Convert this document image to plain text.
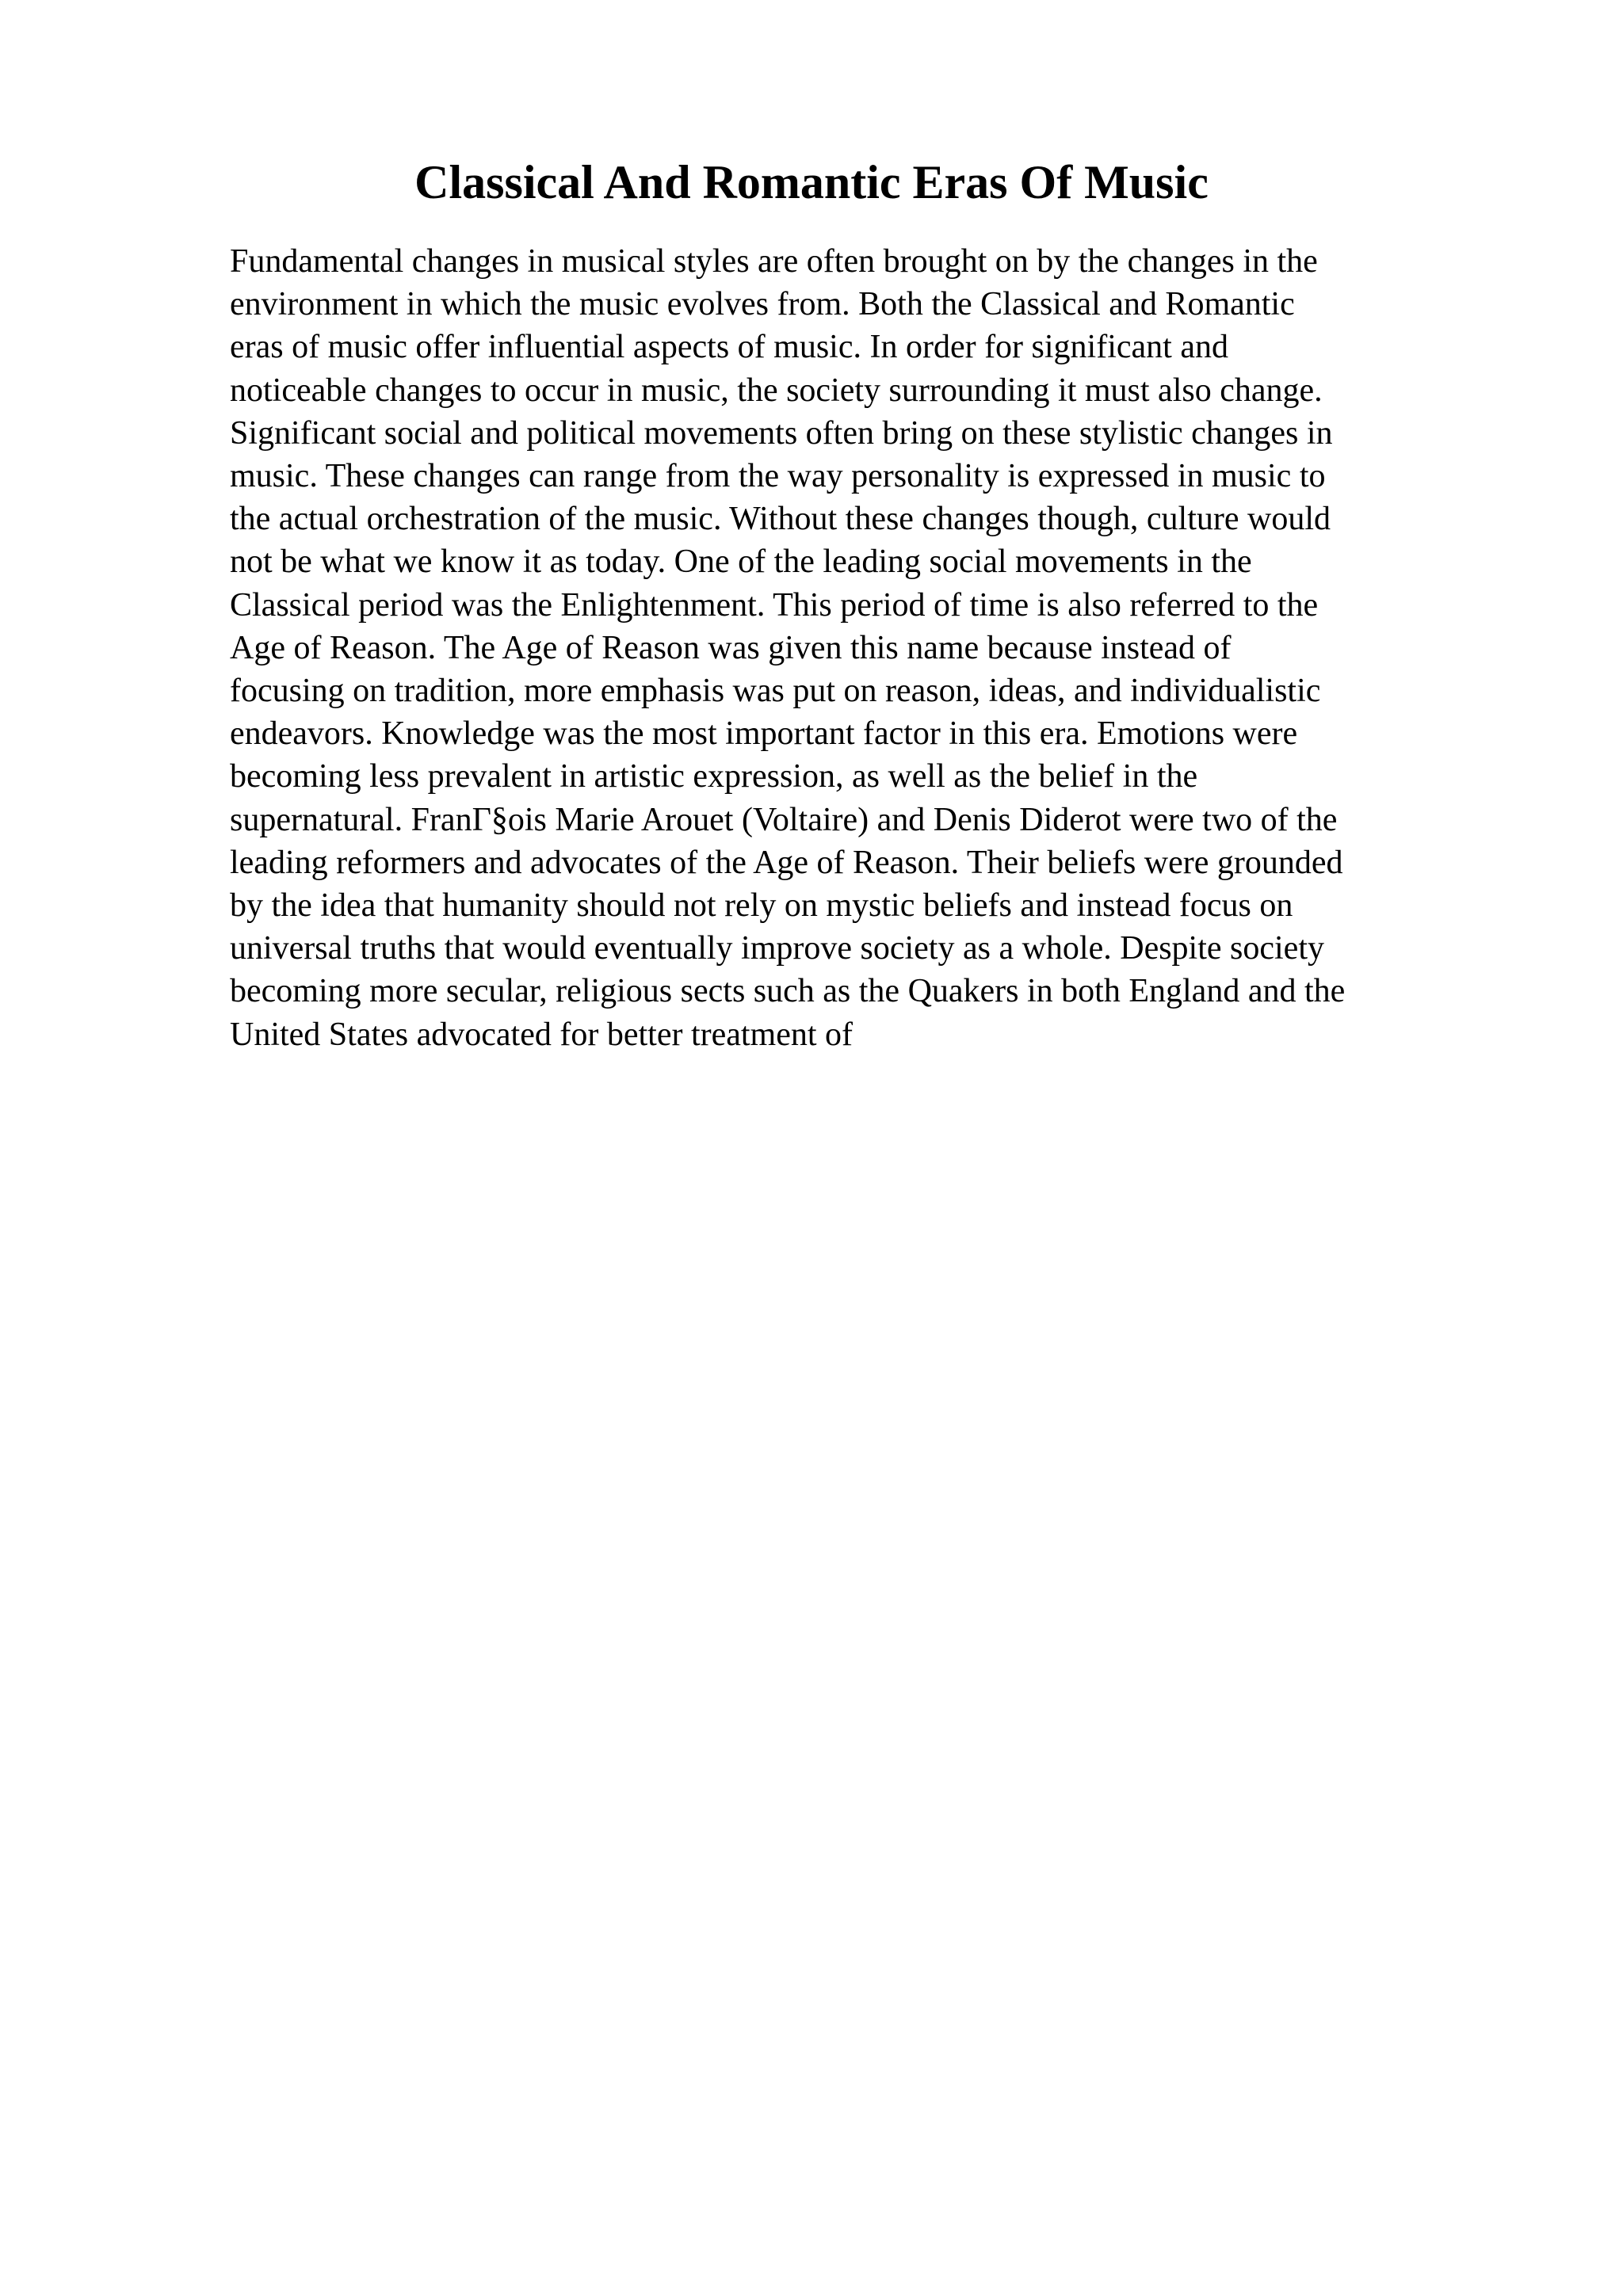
Classical And Romantic Eras Of Music
Fundamental changes in musical styles are often brought on by the changes in the
environment in which the music evolves from. Both the Classical and Romantic
eras of music offer influential aspects of music. In order for significant and
noticeable changes to occur in music, the society surrounding it must also change.
Significant social and political movements often bring on these stylistic changes in
music. These changes can range from the way personality is expressed in music to
the actual orchestration of the music. Without these changes though, culture would
not be what we know it as today. One of the leading social movements in the
Classical period was the Enlightenment. This period of time is also referred to the
Age of Reason. The Age of Reason was given this name because instead of
focusing on tradition, more emphasis was put on reason, ideas, and individualistic
endeavors. Knowledge was the most important factor in this era. Emotions were
becoming less prevalent in artistic expression, as well as the belief in the
supernatural. FranГ§ois Marie Arouet (Voltaire) and Denis Diderot were two of the
leading reformers and advocates of the Age of Reason. Their beliefs were grounded
by the idea that humanity should not rely on mystic beliefs and instead focus on
universal truths that would eventually improve society as a whole. Despite society
becoming more secular, religious sects such as the Quakers in both England and the
United States advocated for better treatment of
